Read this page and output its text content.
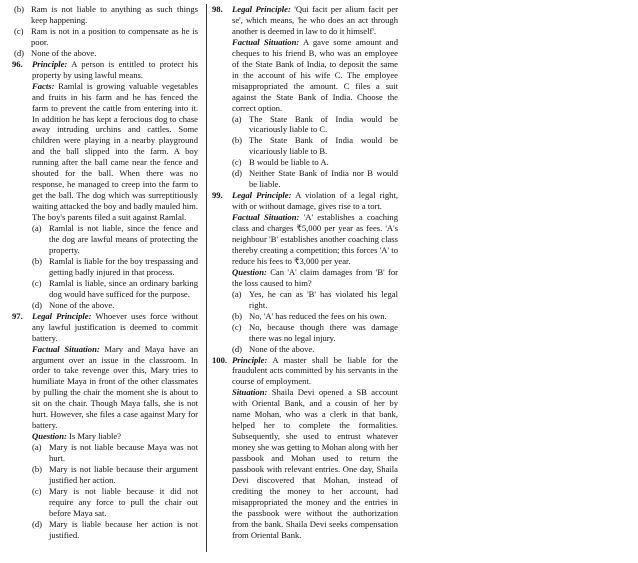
(b) Ram is not liable to anything as such things keep happening.
(c) Ram is not in a position to compensate as he is poor.
(d) None of the above.
96. Principle: A person is entitled to protect his property by using lawful means.

Facts: Ramlal is growing valuable vegetables and fruits in his farm and he has fenced the farm to prevent the cattle from entering into it. In addition he has kept a ferocious dog to chase away intruding urchins and cattles. Some children were playing in a nearby playground and the ball slipped into the farm. A boy running after the ball came near the fence and shouted for the ball. When there was no response, he managed to creep into the farm to get the ball. The dog which was surreptitiously waiting attacked the boy and badly mauled him. The boy's parents filed a suit against Ramlal.

(a) Ramlal is not liable, since the fence and the dog are lawful means of protecting the property.
(b) Ramlal is liable for the boy trespassing and getting badly injured in that process.
(c) Ramlal is liable, since an ordinary barking dog would have sufficed for the purpose.
(d) None of the above.
97. Legal Principle: Whoever uses force without any lawful justification is deemed to commit battery.

Factual Situation: Mary and Maya have an argument over an issue in the classroom. In order to take revenge over this, Mary tries to humiliate Maya in front of the other classmates by pulling the chair the moment she is about to sit on the chair. Though Maya falls, she is not hurt. However, she files a case against Mary for battery.

Question: Is Mary liable?

(a) Mary is not liable because Maya was not hurt.
(b) Mary is not liable because their argument justified her action.
(c) Mary is not liable because it did not require any force to pull the chair out before Maya sat.
(d) Mary is liable because her action is not justified.
98. Legal Principle: 'Qui facit per alium facit per se', which means, 'he who does an act through another is deemed in law to do it himself'.

Factual Situation: A gave some amount and cheques to his friend B, who was an employee of the State Bank of India, to deposit the same in the account of his wife C. The employee misappropriated the amount. C files a suit against the State Bank of India. Choose the correct option.

(a) The State Bank of India would be vicariously liable to C.
(b) The State Bank of India would be vicariously liable to B.
(c) B would be liable to A.
(d) Neither State Bank of India nor B would be liable.
99. Legal Principle: A violation of a legal right, with or without damage, gives rise to a tort.

Factual Situation: 'A' establishes a coaching class and charges ₹5,000 per year as fees. 'A's neighbour 'B' establishes another coaching class thereby creating a competition; this forces 'A' to reduce his fees to ₹3,000 per year.

Question: Can 'A' claim damages from 'B' for the loss caused to him?

(a) Yes, he can as 'B' has violated his legal right.
(b) No, 'A' has reduced the fees on his own.
(c) No, because though there was damage there was no legal injury.
(d) None of the above.
100. Principle: A master shall be liable for the fraudulent acts committed by his servants in the course of employment.

Situation: Shaila Devi opened a SB account with Oriental Bank, and a cousin of her by name Mohan, who was a clerk in that bank, helped her to complete the formalities. Subsequently, she used to entrust whatever money she was getting to Mohan along with her passbook and Mohan used to return the passbook with relevant entries. One day, Shaila Devi discovered that Mohan, instead of crediting the money to her account, had misappropriated the money and the entries in the passbook were without the authorization from the bank. Shaila Devi seeks compensation from Oriental Bank.
